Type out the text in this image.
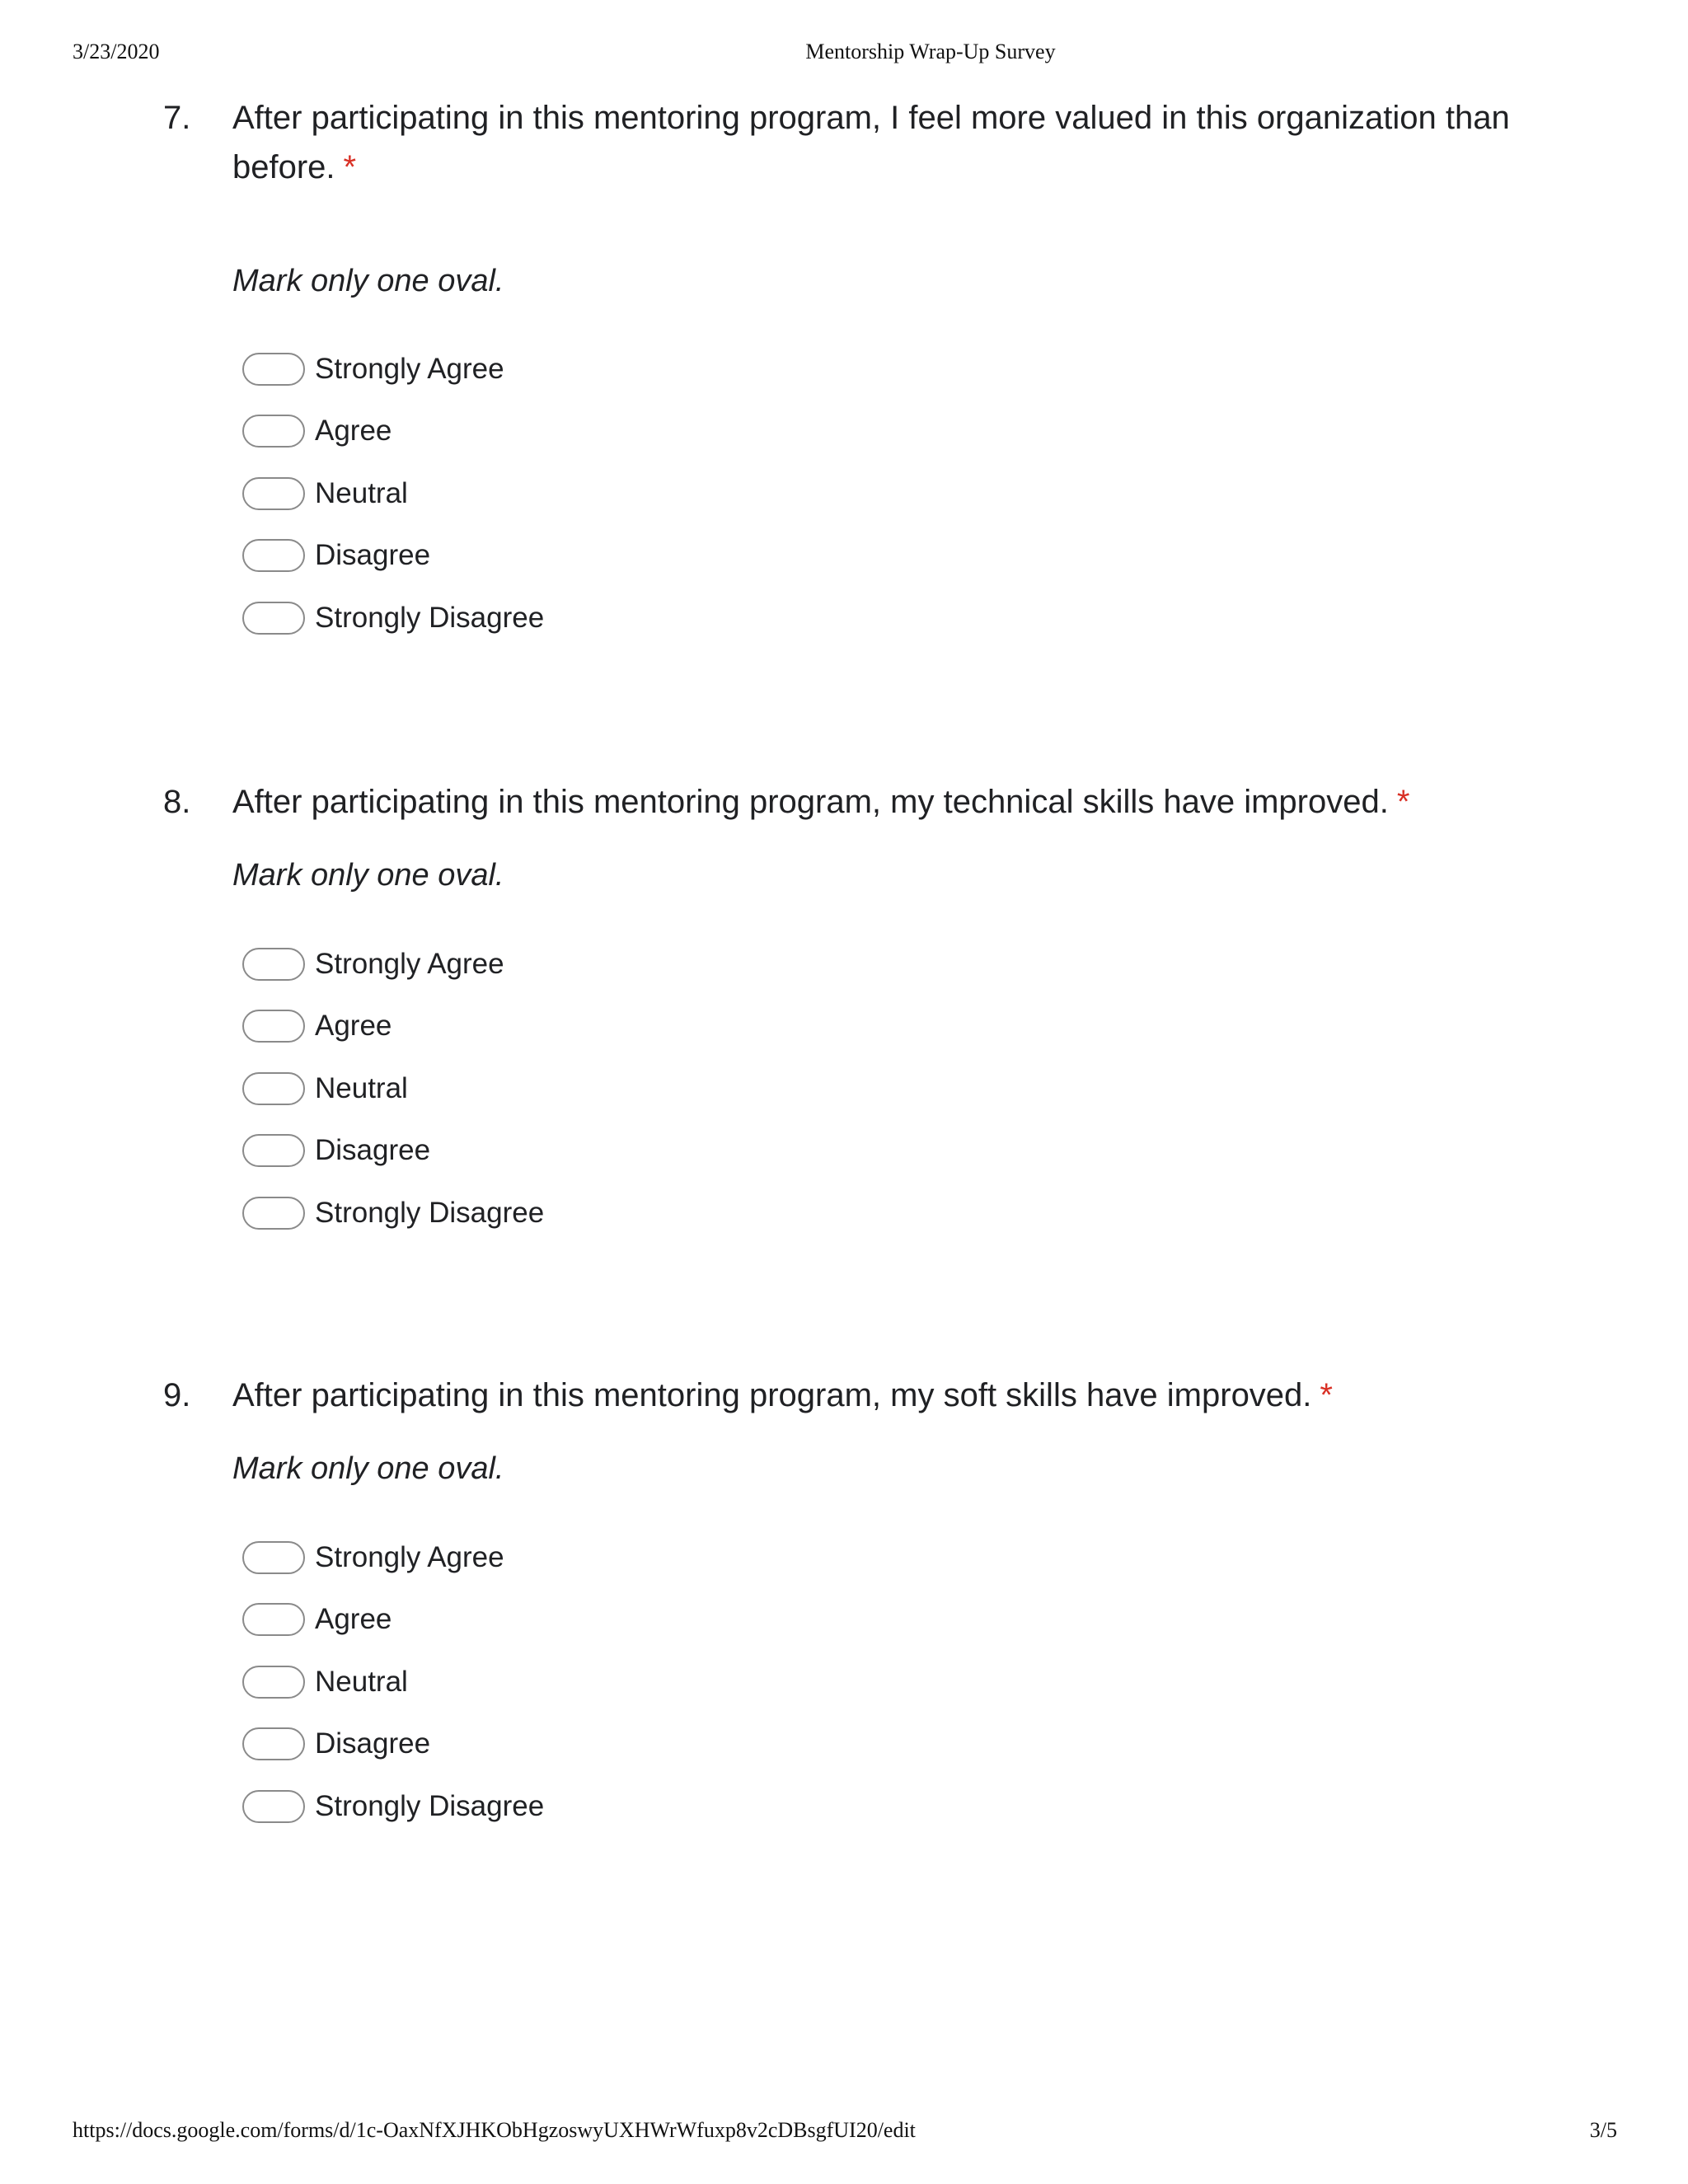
3/23/2020	Mentorship Wrap-Up Survey
7. After participating in this mentoring program, I feel more valued in this organization than before. *
Mark only one oval.
Strongly Agree
Agree
Neutral
Disagree
Strongly Disagree
8. After participating in this mentoring program, my technical skills have improved. *
Mark only one oval.
Strongly Agree
Agree
Neutral
Disagree
Strongly Disagree
9. After participating in this mentoring program, my soft skills have improved. *
Mark only one oval.
Strongly Agree
Agree
Neutral
Disagree
Strongly Disagree
https://docs.google.com/forms/d/1c-OaxNfXJHKObHgzoswyUXHWrWfuxp8v2cDBsgfUI20/edit	3/5
